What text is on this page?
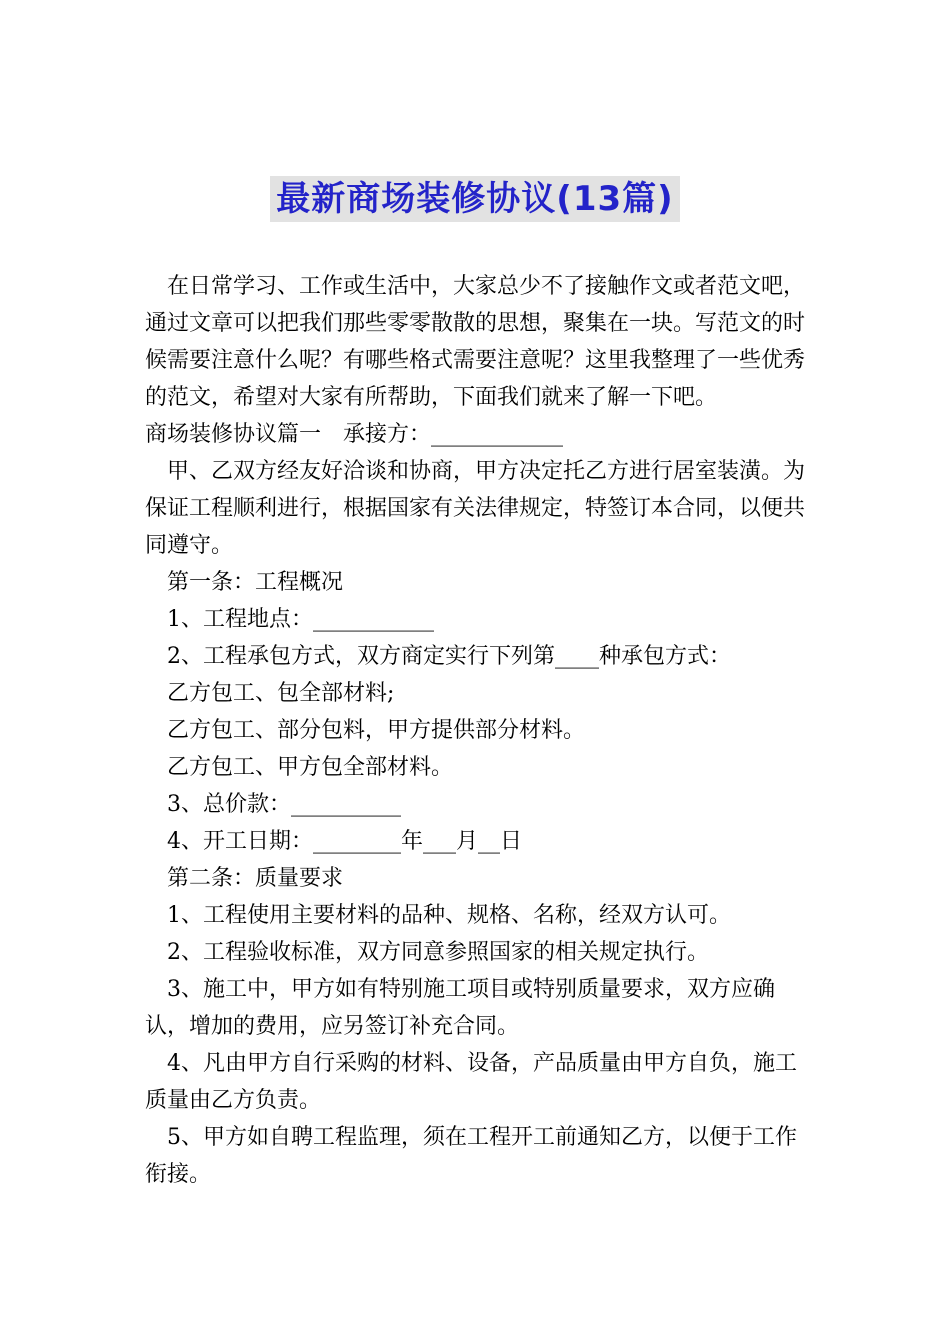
最新商场装修协议(13篇)

在日常学习、工作或生活中，大家总少不了接触作文或者范文吧，通过文章可以把我们那些零零散散的思想，聚集在一块。写范文的时候需要注意什么呢？有哪些格式需要注意呢？这里我整理了一些优秀的范文，希望对大家有所帮助，下面我们就来了解一下吧。

商场装修协议篇一　承接方：____________

甲、乙双方经友好洽谈和协商，甲方决定托乙方进行居室装潢。为保证工程顺利进行，根据国家有关法律规定，特签订本合同，以便共同遵守。

第一条：工程概况

1、工程地点：___________

2、工程承包方式，双方商定实行下列第____种承包方式：

乙方包工、包全部材料;

乙方包工、部分包料，甲方提供部分材料。

乙方包工、甲方包全部材料。

3、总价款：__________

4、开工日期：________年___月__日

第二条：质量要求

1、工程使用主要材料的品种、规格、名称，经双方认可。

2、工程验收标准，双方同意参照国家的相关规定执行。

3、施工中，甲方如有特别施工项目或特别质量要求，双方应确认，增加的费用，应另签订补充合同。

4、凡由甲方自行采购的材料、设备，产品质量由甲方自负，施工质量由乙方负责。

5、甲方如自聘工程监理，须在工程开工前通知乙方，以便于工作衔接。
